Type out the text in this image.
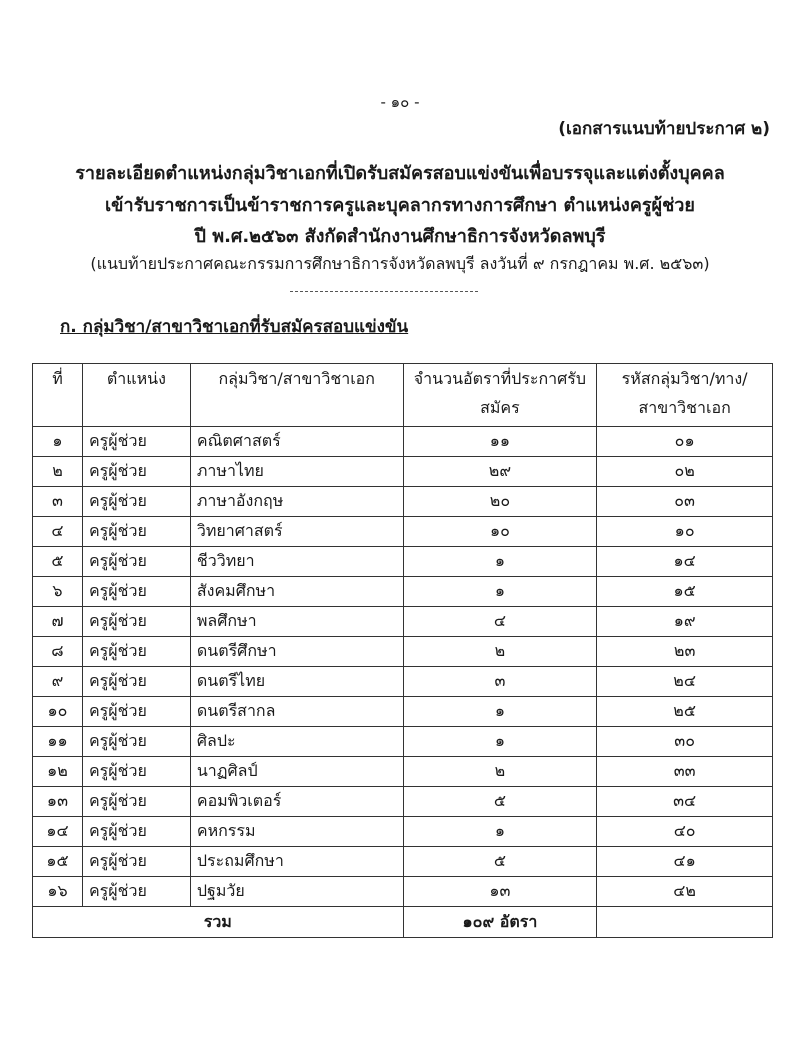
- ๑๐ -
(เอกสารแนบท้ายประกาศ ๒)
รายละเอียดตำแหน่งกลุ่มวิชาเอกที่เปิดรับสมัครสอบแข่งขันเพื่อบรรจุและแต่งตั้งบุคคล
เข้ารับราชการเป็นข้าราชการครูและบุคลากรทางการศึกษา ตำแหน่งครูผู้ช่วย
ปี พ.ศ.๒๕๖๓ สังกัดสำนักงานศึกษาธิการจังหวัดลพบุรี
(แนบท้ายประกาศคณะกรรมการศึกษาธิการจังหวัดลพบุรี ลงวันที่ ๙ กรกฎาคม พ.ศ. ๒๕๖๓)
ก. กลุ่มวิชา/สาขาวิชาเอกที่รับสมัครสอบแข่งขัน
ที่	ตำแหน่ง	กลุ่มวิชา/สาขาวิชาเอก	จำนวนอัตราที่ประกาศรับสมัคร	รหัสกลุ่มวิชา/ทาง/สาขาวิชาเอก
๑	ครูผู้ช่วย	คณิตศาสตร์	๑๑	๐๑
๒	ครูผู้ช่วย	ภาษาไทย	๒๙	๐๒
๓	ครูผู้ช่วย	ภาษาอังกฤษ	๒๐	๐๓
๔	ครูผู้ช่วย	วิทยาศาสตร์	๑๐	๑๐
๕	ครูผู้ช่วย	ชีววิทยา	๑	๑๔
๖	ครูผู้ช่วย	สังคมศึกษา	๑	๑๕
๗	ครูผู้ช่วย	พลศึกษา	๔	๑๙
๘	ครูผู้ช่วย	ดนตรีศึกษา	๒	๒๓
๙	ครูผู้ช่วย	ดนตรีไทย	๓	๒๔
๑๐	ครูผู้ช่วย	ดนตรีสากล	๑	๒๕
๑๑	ครูผู้ช่วย	ศิลปะ	๑	๓๐
๑๒	ครูผู้ช่วย	นาฏศิลป์	๒	๓๓
๑๓	ครูผู้ช่วย	คอมพิวเตอร์	๕	๓๔
๑๔	ครูผู้ช่วย	คหกรรม	๑	๔๐
๑๕	ครูผู้ช่วย	ประถมศึกษา	๕	๔๑
๑๖	ครูผู้ช่วย	ปฐมวัย	๑๓	๔๒
รวม			๑๐๙ อัตรา	
